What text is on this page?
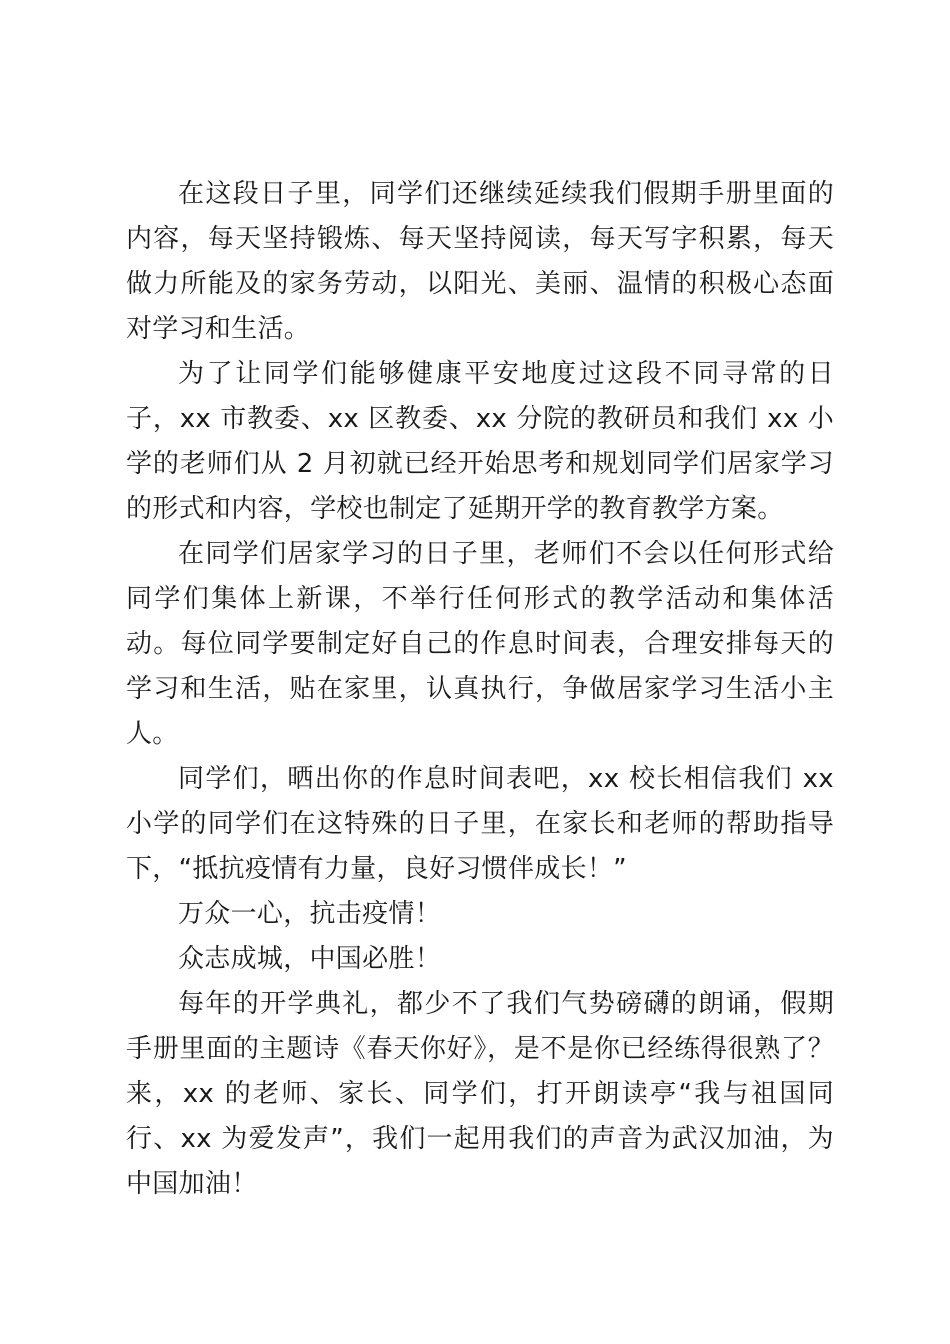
在这段日子里，同学们还继续延续我们假期手册里面的内容，每天坚持锻炼、每天坚持阅读，每天写字积累，每天做力所能及的家务劳动，以阳光、美丽、温情的积极心态面对学习和生活。

为了让同学们能够健康平安地度过这段不同寻常的日子，xx 市教委、xx 区教委、xx 分院的教研员和我们 xx 小学的老师们从 2 月初就已经开始思考和规划同学们居家学习的形式和内容，学校也制定了延期开学的教育教学方案。

在同学们居家学习的日子里，老师们不会以任何形式给同学们集体上新课，不举行任何形式的教学活动和集体活动。每位同学要制定好自己的作息时间表，合理安排每天的学习和生活，贴在家里，认真执行，争做居家学习生活小主人。

同学们，晒出你的作息时间表吧，xx 校长相信我们 xx 小学的同学们在这特殊的日子里，在家长和老师的帮助指导下，“抵抗疫情有力量，良好习惯伴成长！”

万众一心，抗击疫情！

众志成城，中国必胜！

每年的开学典礼，都少不了我们气势磅礴的朗诵，假期手册里面的主题诗《春天你好》，是不是你已经练得很熟了？来，xx 的老师、家长、同学们，打开朗读亭“我与祖国同行、xx 为爱发声”，我们一起用我们的声音为武汉加油，为中国加油！
